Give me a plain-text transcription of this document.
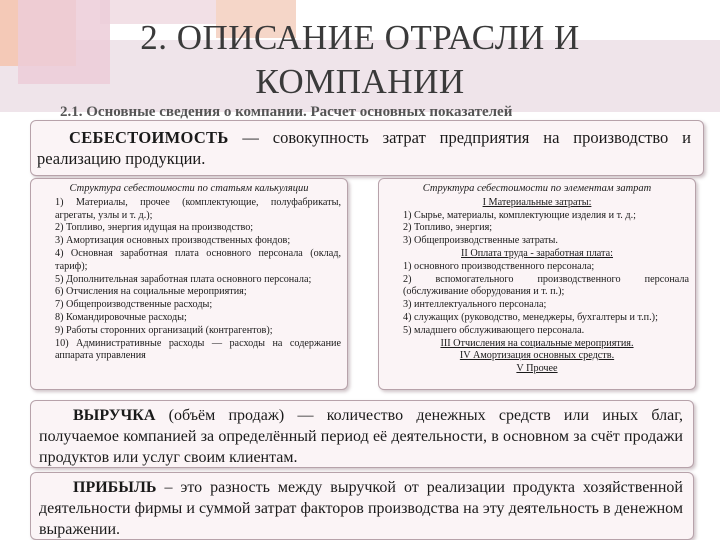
2. ОПИСАНИЕ ОТРАСЛИ И КОМПАНИИ
2.1. Основные сведения о компании. Расчет основных показателей

СЕБЕСТОИМОСТЬ — совокупность затрат предприятия на производство и реализацию продукции.

Структура себестоимости по статьям калькуляции
1) Материалы, прочее (комплектующие, полуфабрикаты, агрегаты, узлы и т. д.);
2) Топливо, энергия идущая на производство;
3) Амортизация основных производственных фондов;
4) Основная заработная плата основного персонала (оклад, тариф);
5) Дополнительная заработная плата основного персонала;
6) Отчисления на социальные мероприятия;
7) Общепроизводственные расходы;
8) Командировочные расходы;
9) Работы сторонних организаций (контрагентов);
10) Административные расходы — расходы на содержание аппарата управления
Структура себестоимости по элементам затрат
I Материальные затраты:
1) Сырье, материалы, комплектующие изделия и т. д.;
2) Топливо, энергия;
3) Общепроизводственные затраты.
II Оплата труда - заработная плата:
1) основного производственного персонала;
2) вспомогательного производственного персонала (обслуживание оборудования и т. п.);
3) интеллектуального персонала;
4) служащих (руководство, менеджеры, бухгалтеры и т.п.);
5) младшего обслуживающего персонала.
III Отчисления на социальные мероприятия.
IV Амортизация основных средств.
V Прочее

ВЫРУЧКА (объём продаж) — количество денежных средств или иных благ, получаемое компанией за определённый период её деятельности, в основном за счёт продажи продуктов или услуг своим клиентам.

ПРИБЫЛЬ – это разность между выручкой от реализации продукта хозяйственной деятельности фирмы и суммой затрат факторов производства на эту деятельность в денежном выражении.
